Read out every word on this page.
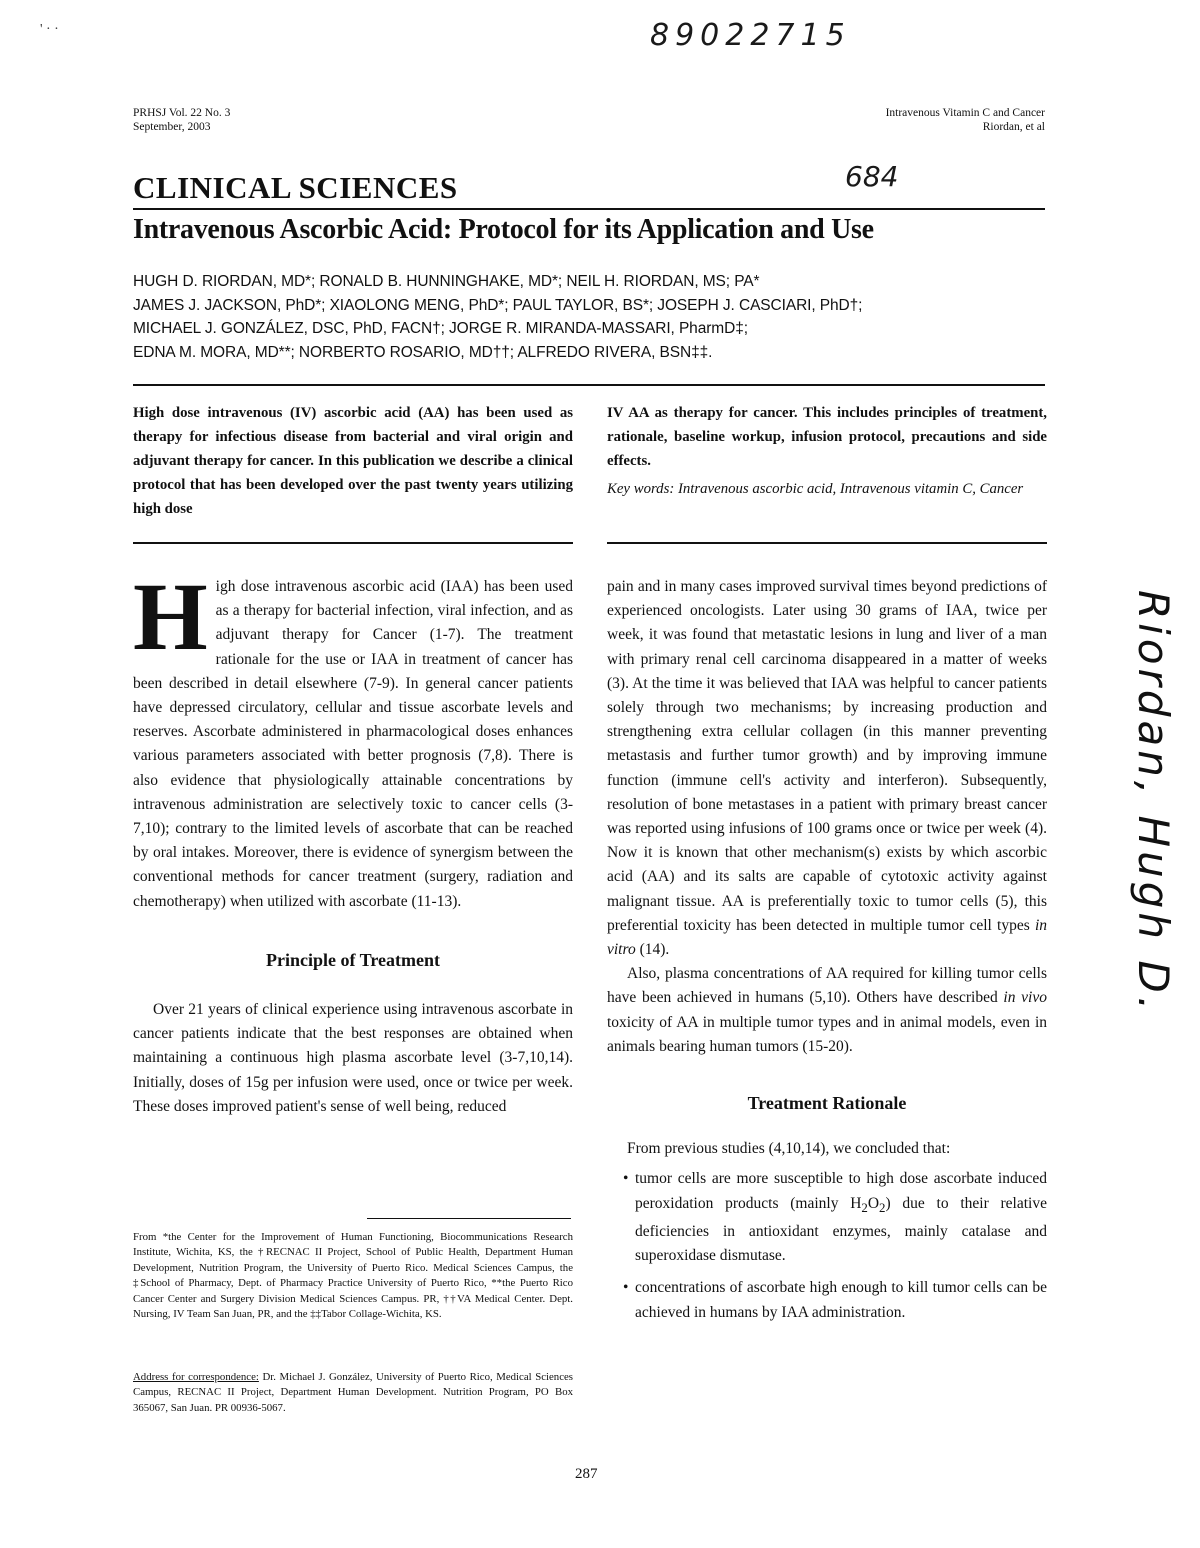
' · ·	89022715
684
Riordan, Hugh D.
PRHSJ Vol. 22 No. 3
September, 2003
Intravenous Vitamin C and Cancer
Riordan, et al
CLINICAL SCIENCES
Intravenous Ascorbic Acid: Protocol for its Application and Use
HUGH D. RIORDAN, MD*; RONALD B. HUNNINGHAKE, MD*; NEIL H. RIORDAN, MS; PA*
JAMES J. JACKSON, PhD*; XIAOLONG MENG, PhD*; PAUL TAYLOR, BS*; JOSEPH J. CASCIARI, PhD†;
MICHAEL J. GONZÁLEZ, DSC, PhD, FACN†; JORGE R. MIRANDA-MASSARI, PharmD‡;
EDNA M. MORA, MD**; NORBERTO ROSARIO, MD††; ALFREDO RIVERA, BSN‡‡.
High dose intravenous (IV) ascorbic acid (AA) has been used as therapy for infectious disease from bacterial and viral origin and adjuvant therapy for cancer. In this publication we describe a clinical protocol that has been developed over the past twenty years utilizing high dose
IV AA as therapy for cancer. This includes principles of treatment, rationale, baseline workup, infusion protocol, precautions and side effects.
Key words: Intravenous ascorbic acid, Intravenous vitamin C, Cancer

High dose intravenous ascorbic acid (IAA) has been used as a therapy for bacterial infection, viral infection, and as adjuvant therapy for Cancer (1-7). The treatment rationale for the use or IAA in treatment of cancer has been described in detail elsewhere (7-9). In general cancer patients have depressed circulatory, cellular and tissue ascorbate levels and reserves. Ascorbate administered in pharmacological doses enhances various parameters associated with better prognosis (7,8). There is also evidence that physiologically attainable concentrations by intravenous administration are selectively toxic to cancer cells (3-7,10); contrary to the limited levels of ascorbate that can be reached by oral intakes. Moreover, there is evidence of synergism between the conventional methods for cancer treatment (surgery, radiation and chemotherapy) when utilized with ascorbate (11-13).

Principle of Treatment

Over 21 years of clinical experience using intravenous ascorbate in cancer patients indicate that the best responses are obtained when maintaining a continuous high plasma ascorbate level (3-7,10,14). Initially, doses of 15g per infusion were used, once or twice per week. These doses improved patient's sense of well being, reduced

pain and in many cases improved survival times beyond predictions of experienced oncologists. Later using 30 grams of IAA, twice per week, it was found that metastatic lesions in lung and liver of a man with primary renal cell carcinoma disappeared in a matter of weeks (3). At the time it was believed that IAA was helpful to cancer patients solely through two mechanisms; by increasing production and strengthening extra cellular collagen (in this manner preventing metastasis and further tumor growth) and by improving immune function (immune cell's activity and interferon). Subsequently, resolution of bone metastases in a patient with primary breast cancer was reported using infusions of 100 grams once or twice per week (4). Now it is known that other mechanism(s) exists by which ascorbic acid (AA) and its salts are capable of cytotoxic activity against malignant tissue. AA is preferentially toxic to tumor cells (5), this preferential toxicity has been detected in multiple tumor cell types in vitro (14).

Also, plasma concentrations of AA required for killing tumor cells have been achieved in humans (5,10). Others have described in vivo toxicity of AA in multiple tumor types and in animal models, even in animals bearing human tumors (15-20).

Treatment Rationale

From previous studies (4,10,14), we concluded that:

• tumor cells are more susceptible to high dose ascorbate induced peroxidation products (mainly $H_2O_2$) due to their relative deficiencies in antioxidant enzymes, mainly catalase and superoxidase dismutase.
• concentrations of ascorbate high enough to kill tumor cells can be achieved in humans by IAA administration.
From *the Center for the Improvement of Human Functioning, Biocommunications Research Institute, Wichita, KS, the †RECNAC II Project, School of Public Health, Department Human Development, Nutrition Program, the University of Puerto Rico. Medical Sciences Campus, the ‡School of Pharmacy, Dept. of Pharmacy Practice University of Puerto Rico, **the Puerto Rico Cancer Center and Surgery Division Medical Sciences Campus. PR, ††VA Medical Center. Dept. Nursing, IV Team San Juan, PR, and the ‡‡Tabor Collage-Wichita, KS.
Address for correspondence: Dr. Michael J. González, University of Puerto Rico, Medical Sciences Campus, RECNAC II Project, Department Human Development. Nutrition Program, PO Box 365067, San Juan. PR 00936-5067.
287
